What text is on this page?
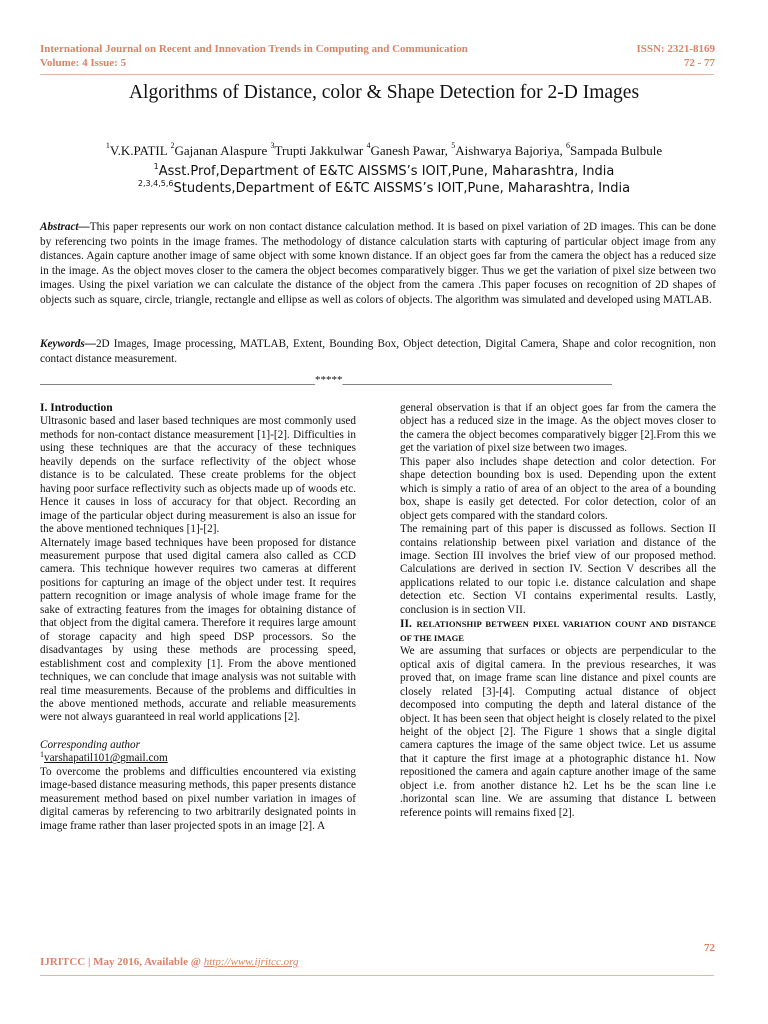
International Journal on Recent and Innovation Trends in Computing and Communication
Volume: 4 Issue: 5
ISSN: 2321-8169
72 - 77
Algorithms of Distance, color & Shape Detection for 2-D Images
$^1$V.K.PATIL $^2$Gajanan Alaspure $^3$Trupti Jakkulwar $^4$Ganesh Pawar, $^5$Aishwarya Bajoriya, $^6$Sampada Bulbule
$^1$Asst.Prof,Department of E&TC AISSMS’s IOIT,Pune, Maharashtra, India
$^{2,3,4,5,6}$Students,Department of E&TC AISSMS’s IOIT,Pune, Maharashtra, India
Abstract—This paper represents our work on non contact distance calculation method. It is based on pixel variation of 2D images. This can be done by referencing two points in the image frames. The methodology of distance calculation starts with capturing of particular object image from any distances. Again capture another image of same object with some known distance. If an object goes far from the camera the object has a reduced size in the image. As the object moves closer to the camera the object becomes comparatively bigger. Thus we get the variation of pixel size between two images. Using the pixel variation we can calculate the distance of the object from the camera .This paper focuses on recognition of 2D shapes of objects such as square, circle, triangle, rectangle and ellipse as well as colors of objects. The algorithm was simulated and developed using MATLAB.
Keywords—2D Images, Image processing, MATLAB, Extent, Bounding Box, Object detection, Digital Camera, Shape and color recognition, non contact distance measurement.
__________________________________________________*****_________________________________________________

I. Introduction

Ultrasonic based and laser based techniques are most commonly used methods for non-contact distance measurement [1]-[2]. Difficulties in using these techniques are that the accuracy of these techniques heavily depends on the surface reflectivity of the object whose distance is to be calculated. These create problems for the object having poor surface reflectivity such as objects made up of woods etc. Hence it causes in loss of accuracy for that object. Recording an image of the particular object during measurement is also an issue for the above mentioned techniques [1]-[2].

Alternately image based techniques have been proposed for distance measurement purpose that used digital camera also called as CCD camera. This technique however requires two cameras at different positions for capturing an image of the object under test. It requires pattern recognition or image analysis of whole image frame for the sake of extracting features from the images for obtaining distance of that object from the digital camera. Therefore it requires large amount of storage capacity and high speed DSP processors. So the disadvantages by using these methods are processing speed, establishment cost and complexity [1]. From the above mentioned techniques, we can conclude that image analysis was not suitable with real time measurements. Because of the problems and difficulties in the above mentioned methods, accurate and reliable measurements were not always guaranteed in real world applications [2].

Corresponding author

$^1$varshapatil101@gmail.com

To overcome the problems and difficulties encountered via existing image-based distance measuring methods, this paper presents distance measurement method based on pixel number variation in images of digital cameras by referencing to two arbitrarily designated points in image frame rather than laser projected spots in an image [2]. A

general observation is that if an object goes far from the camera the object has a reduced size in the image. As the object moves closer to the camera the object becomes comparatively bigger [2].From this we get the variation of pixel size between two images.

This paper also includes shape detection and color detection. For shape detection bounding box is used. Depending upon the extent which is simply a ratio of area of an object to the area of a bounding box, shape is easily get detected. For color detection, color of an object gets compared with the standard colors.

The remaining part of this paper is discussed as follows. Section II contains relationship between pixel variation and distance of the image. Section III involves the brief view of our proposed method. Calculations are derived in section IV. Section V describes all the applications related to our topic i.e. distance calculation and shape detection etc. Section VI contains experimental results. Lastly, conclusion is in section VII.

II. RELATIONSHIP BETWEEN PIXEL VARIATION COUNT AND DISTANCE OF THE IMAGE

We are assuming that surfaces or objects are perpendicular to the optical axis of digital camera. In the previous researches, it was proved that, on image frame scan line distance and pixel counts are closely related [3]-[4]. Computing actual distance of object decomposed into computing the depth and lateral distance of the object. It has been seen that object height is closely related to the pixel height of the object [2]. The Figure 1 shows that a single digital camera captures the image of the same object twice. Let us assume that it capture the first image at a photographic distance h1. Now repositioned the camera and again capture another image of the same object i.e. from another distance h2. Let hs be the scan line i.e .horizontal scan line. We are assuming that distance L between reference points will remains fixed [2].

72
IJRITCC | May 2016, Available @ http://www.ijritcc.org
